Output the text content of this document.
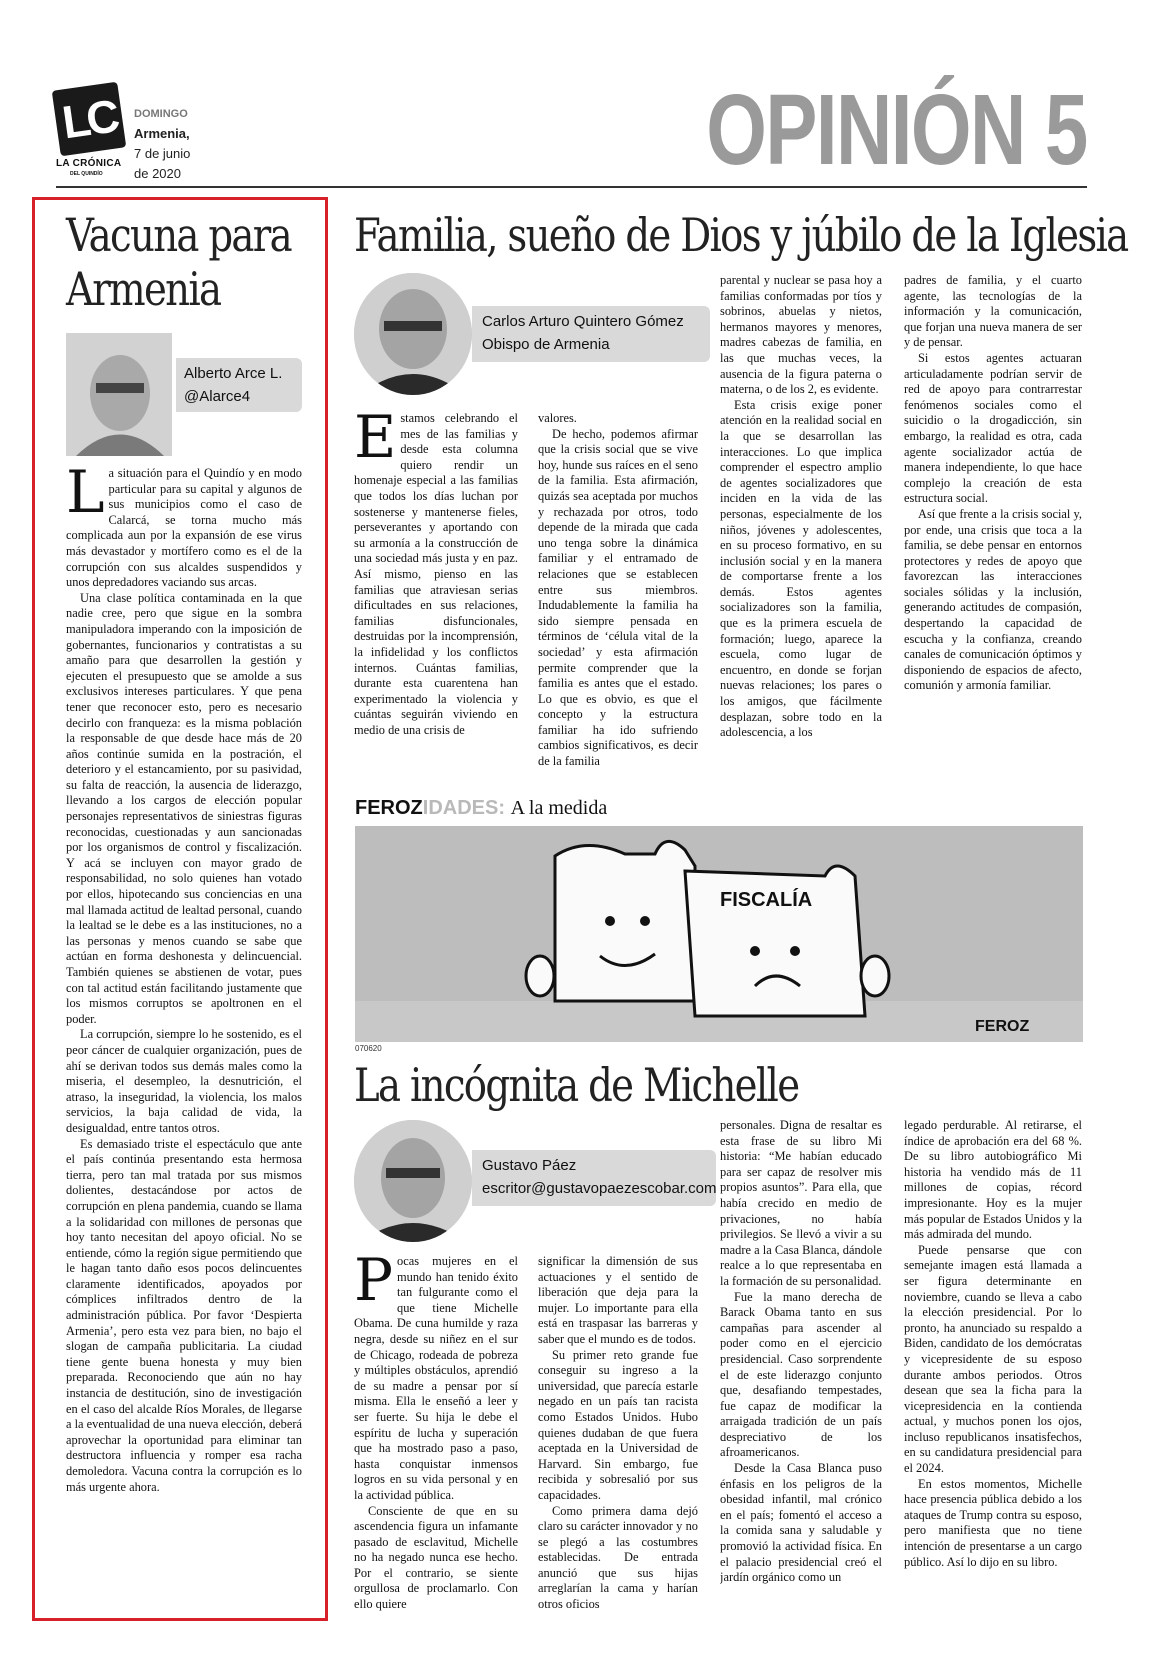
LC
LA CRÓNICA
DEL QUINDÍO
DOMINGO
Armenia,
7 de junio
de 2020	OPINIÓN 5
Vacuna para
Armenia
Alberto Arce L.
@Alarce4

La situación para el Quindío y en modo particular para su capital y algunos de sus municipios como el caso de Calarcá, se torna mucho más complicada aun por la expansión de ese virus más devastador y mortífero como es el de la corrupción con sus alcaldes suspendidos y unos depredadores vaciando sus arcas.

Una clase política contaminada en la que nadie cree, pero que sigue en la sombra manipuladora imperando con la imposición de gobernantes, funcionarios y contratistas a su amaño para que desarrollen la gestión y ejecuten el presupuesto que se amolde a sus exclusivos intereses particulares. Y que pena tener que reconocer esto, pero es necesario decirlo con franqueza: es la misma población la responsable de que desde hace más de 20 años continúe sumida en la postración, el deterioro y el estancamiento, por su pasividad, su falta de reacción, la ausencia de liderazgo, llevando a los cargos de elección popular personajes representativos de siniestras figuras reconocidas, cuestionadas y aun sancionadas por los organismos de control y fiscalización. Y acá se incluyen con mayor grado de responsabilidad, no solo quienes han votado por ellos, hipotecando sus conciencias en una mal llamada actitud de lealtad personal, cuando la lealtad se le debe es a las instituciones, no a las personas y menos cuando se sabe que actúan en forma deshonesta y delincuencial. También quienes se abstienen de votar, pues con tal actitud están facilitando justamente que los mismos corruptos se apoltronen en el poder.

La corrupción, siempre lo he sostenido, es el peor cáncer de cualquier organización, pues de ahí se derivan todos sus demás males como la miseria, el desempleo, la desnutrición, el atraso, la inseguridad, la violencia, los malos servicios, la baja calidad de vida, la desigualdad, entre tantos otros.

Es demasiado triste el espectáculo que ante el país continúa presentando esta hermosa tierra, pero tan mal tratada por sus mismos dolientes, destacándose por actos de corrupción en plena pandemia, cuando se llama a la solidaridad con millones de personas que hoy tanto necesitan del apoyo oficial. No se entiende, cómo la región sigue permitiendo que le hagan tanto daño esos pocos delincuentes claramente identificados, apoyados por cómplices infiltrados dentro de la administración pública. Por favor ‘Despierta Armenia’, pero esta vez para bien, no bajo el slogan de campaña publicitaria. La ciudad tiene gente buena honesta y muy bien preparada. Reconociendo que aún no hay instancia de destitución, sino de investigación en el caso del alcalde Ríos Morales, de llegarse a la eventualidad de una nueva elección, deberá aprovechar la oportunidad para eliminar tan destructora influencia y romper esa racha demoledora. Vacuna contra la corrupción es lo más urgente ahora.

Familia, sueño de Dios y júbilo de la Iglesia
Carlos Arturo Quintero Gómez
Obispo de Armenia

Estamos celebrando el mes de las familias y desde esta columna quiero rendir un homenaje especial a las familias que todos los días luchan por sostenerse y mantenerse fieles, perseverantes y aportando con su armonía a la construcción de una sociedad más justa y en paz. Así mismo, pienso en las familias que atraviesan serias dificultades en sus relaciones, familias disfuncionales, destruidas por la incomprensión, la infidelidad y los conflictos internos. Cuántas familias, durante esta cuarentena han experimentado la violencia y cuántas seguirán viviendo en medio de una crisis de

valores.

De hecho, podemos afirmar que la crisis social que se vive hoy, hunde sus raíces en el seno de la familia. Esta afirmación, quizás sea aceptada por muchos y rechazada por otros, todo depende de la mirada que cada uno tenga sobre la dinámica familiar y el entramado de relaciones que se establecen entre sus miembros. Indudablemente la familia ha sido siempre pensada en términos de ‘célula vital de la sociedad’ y esta afirmación permite comprender que la familia es antes que el estado. Lo que es obvio, es que el concepto y la estructura familiar ha ido sufriendo cambios significativos, es decir de la familia

parental y nuclear se pasa hoy a familias conformadas por tíos y sobrinos, abuelas y nietos, hermanos mayores y menores, madres cabezas de familia, en las que muchas veces, la ausencia de la figura paterna o materna, o de los 2, es evidente.

Esta crisis exige poner atención en la realidad social en la que se desarrollan las interacciones. Lo que implica comprender el espectro amplio de agentes socializadores que inciden en la vida de las personas, especialmente de los niños, jóvenes y adolescentes, en su proceso formativo, en su inclusión social y en la manera de comportarse frente a los demás. Estos agentes socializadores son la familia, que es la primera escuela de formación; luego, aparece la escuela, como lugar de encuentro, en donde se forjan nuevas relaciones; los pares o los amigos, que fácilmente desplazan, sobre todo en la adolescencia, a los

padres de familia, y el cuarto agente, las tecnologías de la información y la comunicación, que forjan una nueva manera de ser y de pensar.

Si estos agentes actuaran articuladamente podrían servir de red de apoyo para contrarrestar fenómenos sociales como el suicidio o la drogadicción, sin embargo, la realidad es otra, cada agente socializador actúa de manera independiente, lo que hace complejo la creación de esta estructura social.

Así que frente a la crisis social y, por ende, una crisis que toca a la familia, se debe pensar en entornos protectores y redes de apoyo que favorezcan las interacciones sociales sólidas y la inclusión, generando actitudes de compasión, despertando la capacidad de escucha y la confianza, creando canales de comunicación óptimos y disponiendo de espacios de afecto, comunión y armonía familiar.

FEROZIDADES: A la medida
FISCALÍA
FEROZ
070620
La incógnita de Michelle
Gustavo Páez
escritor@gustavopaezescobar.com

Pocas mujeres en el mundo han tenido éxito tan fulgurante como el que tiene Michelle Obama. De cuna humilde y raza negra, desde su niñez en el sur de Chicago, rodeada de pobreza y múltiples obstáculos, aprendió de su madre a pensar por sí misma. Ella le enseñó a leer y ser fuerte. Su hija le debe el espíritu de lucha y superación que ha mostrado paso a paso, hasta conquistar inmensos logros en su vida personal y en la actividad pública.

Consciente de que en su ascendencia figura un infamante pasado de esclavitud, Michelle no ha negado nunca ese hecho. Por el contrario, se siente orgullosa de proclamarlo. Con ello quiere

significar la dimensión de sus actuaciones y el sentido de liberación que deja para la mujer. Lo importante para ella está en traspasar las barreras y saber que el mundo es de todos.

Su primer reto grande fue conseguir su ingreso a la universidad, que parecía estarle negado en un país tan racista como Estados Unidos. Hubo quienes dudaban de que fuera aceptada en la Universidad de Harvard. Sin embargo, fue recibida y sobresalió por sus capacidades.

Como primera dama dejó claro su carácter innovador y no se plegó a las costumbres establecidas. De entrada anunció que sus hijas arreglarían la cama y harían otros oficios

personales. Digna de resaltar es esta frase de su libro Mi historia: “Me habían educado para ser capaz de resolver mis propios asuntos”. Para ella, que había crecido en medio de privaciones, no había privilegios. Se llevó a vivir a su madre a la Casa Blanca, dándole realce a lo que representaba en la formación de su personalidad.

Fue la mano derecha de Barack Obama tanto en sus campañas para ascender al poder como en el ejercicio presidencial. Caso sorprendente el de este liderazgo conjunto que, desafiando tempestades, fue capaz de modificar la arraigada tradición de un país despreciativo de los afroamericanos.

Desde la Casa Blanca puso énfasis en los peligros de la obesidad infantil, mal crónico en el país; fomentó el acceso a la comida sana y saludable y promovió la actividad física. En el palacio presidencial creó el jardín orgánico como un

legado perdurable. Al retirarse, el índice de aprobación era del 68 %. De su libro autobiográfico Mi historia ha vendido más de 11 millones de copias, récord impresionante. Hoy es la mujer más popular de Estados Unidos y la más admirada del mundo.

Puede pensarse que con semejante imagen está llamada a ser figura determinante en noviembre, cuando se lleva a cabo la elección presidencial. Por lo pronto, ha anunciado su respaldo a Biden, candidato de los demócratas y vicepresidente de su esposo durante ambos periodos. Otros desean que sea la ficha para la vicepresidencia en la contienda actual, y muchos ponen los ojos, incluso republicanos insatisfechos, en su candidatura presidencial para el 2024.

En estos momentos, Michelle hace presencia pública debido a los ataques de Trump contra su esposo, pero manifiesta que no tiene intención de presentarse a un cargo público. Así lo dijo en su libro.
